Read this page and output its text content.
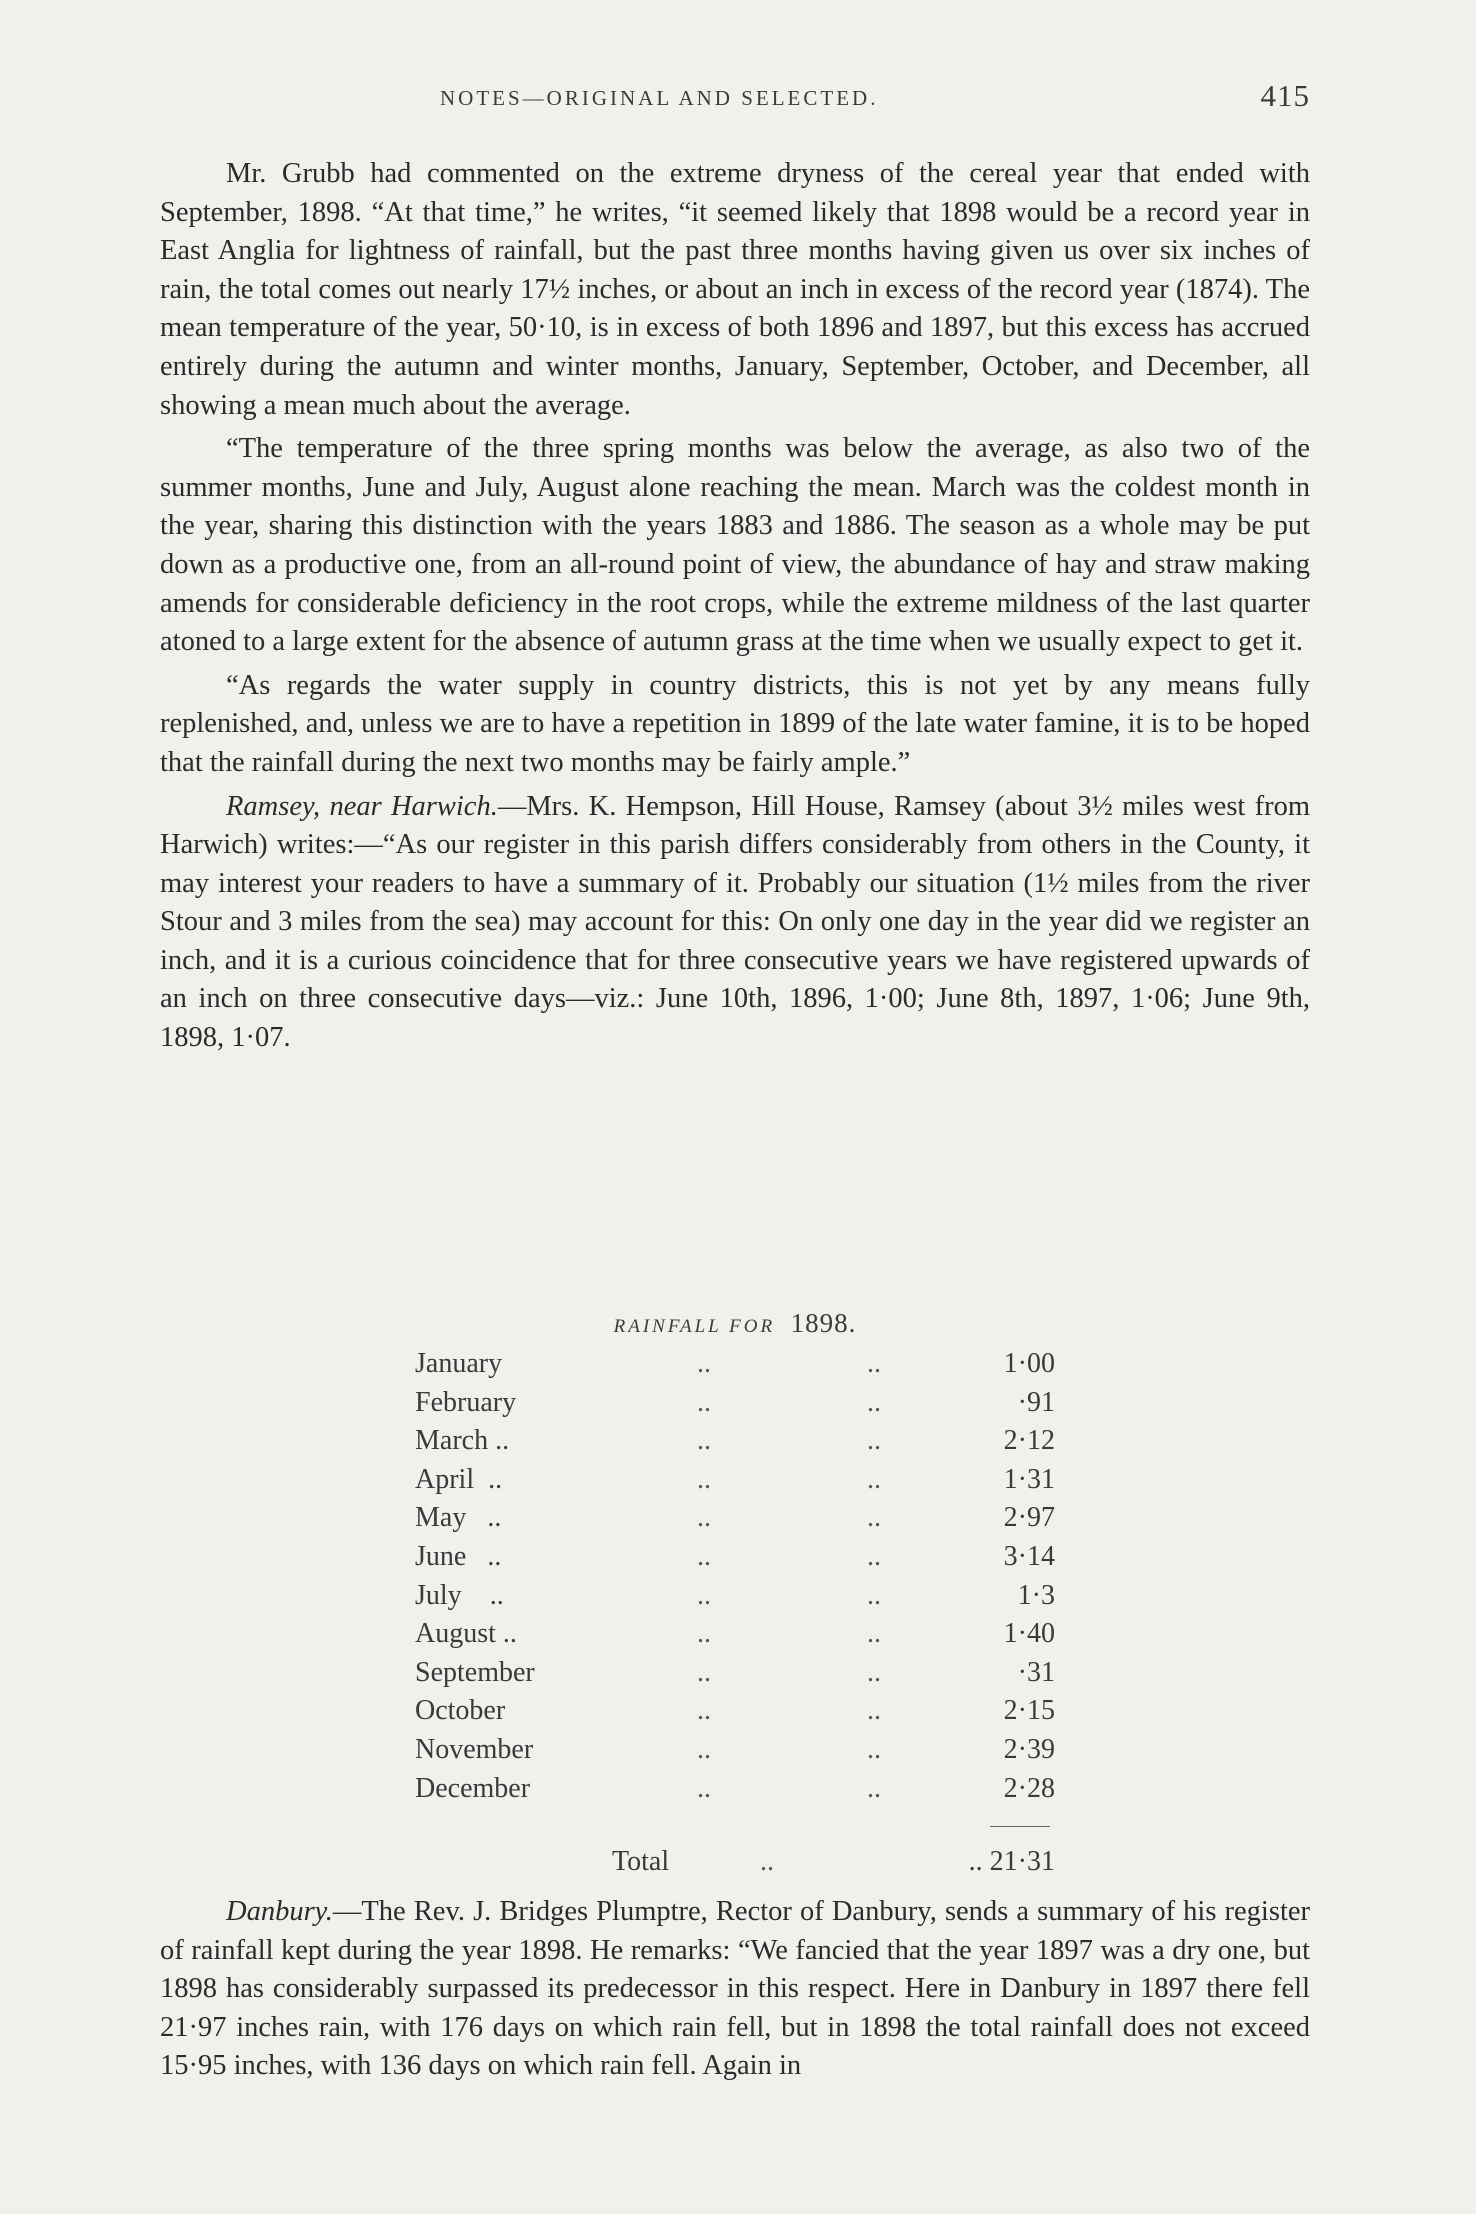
NOTES—ORIGINAL AND SELECTED.	415

Mr. Grubb had commented on the extreme dryness of the cereal year that ended with September, 1898. “At that time,” he writes, “it seemed likely that 1898 would be a record year in East Anglia for lightness of rainfall, but the past three months having given us over six inches of rain, the total comes out nearly 17½ inches, or about an inch in excess of the record year (1874). The mean temperature of the year, 50·10, is in excess of both 1896 and 1897, but this excess has accrued entirely during the autumn and winter months, January, September, October, and December, all showing a mean much about the average.

“The temperature of the three spring months was below the average, as also two of the summer months, June and July, August alone reaching the mean. March was the coldest month in the year, sharing this distinction with the years 1883 and 1886. The season as a whole may be put down as a productive one, from an all-round point of view, the abundance of hay and straw making amends for considerable deficiency in the root crops, while the extreme mildness of the last quarter atoned to a large extent for the absence of autumn grass at the time when we usually expect to get it.

“As regards the water supply in country districts, this is not yet by any means fully replenished, and, unless we are to have a repetition in 1899 of the late water famine, it is to be hoped that the rainfall during the next two months may be fairly ample.”

Ramsey, near Harwich.—Mrs. K. Hempson, Hill House, Ramsey (about 3½ miles west from Harwich) writes:—“As our register in this parish differs considerably from others in the County, it may interest your readers to have a summary of it. Probably our situation (1½ miles from the river Stour and 3 miles from the sea) may account for this: On only one day in the year did we register an inch, and it is a curious coincidence that for three consecutive years we have registered upwards of an inch on three consecutive days—viz.: June 10th, 1896, 1·00; June 8th, 1897, 1·06; June 9th, 1898, 1·07.

RAINFALL FOR 1898.
January	..	..	1·00
February	..	..	·91
March ..	..	..	2·12
April ..	..	..	1·31
May ..	..	..	2·97
June ..	..	..	3·14
July ..	..	..	1·3
August ..	..	..	1·40
September	..	..	·31
October	..	..	2·15
November	..	..	2·39
December	..	..	2·28
Total	..	.. 21·31

Danbury.—The Rev. J. Bridges Plumptre, Rector of Danbury, sends a summary of his register of rainfall kept during the year 1898. He remarks: “We fancied that the year 1897 was a dry one, but 1898 has considerably surpassed its predecessor in this respect. Here in Danbury in 1897 there fell 21·97 inches rain, with 176 days on which rain fell, but in 1898 the total rainfall does not exceed 15·95 inches, with 136 days on which rain fell. Again in
